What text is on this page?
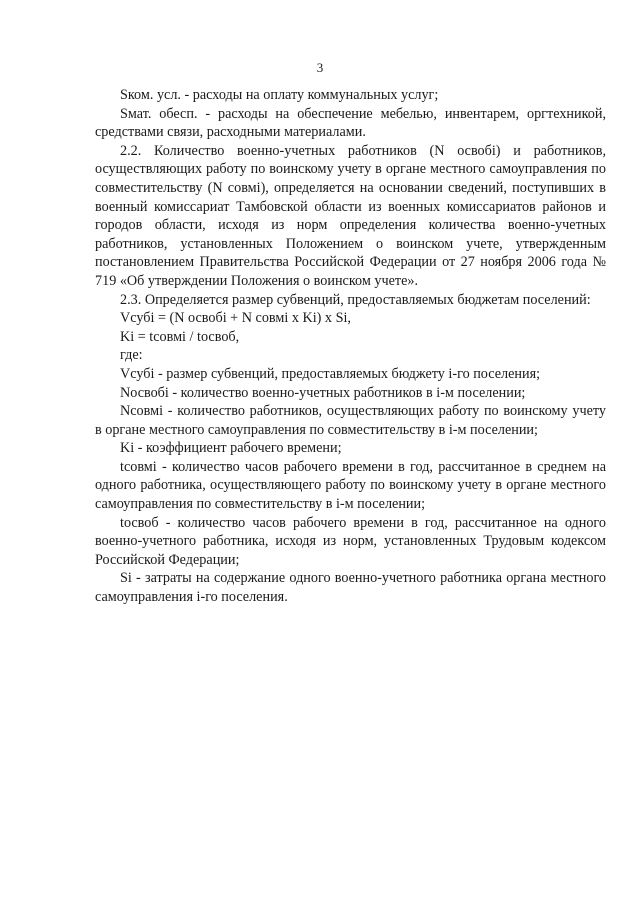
3

Sком. усл. - расходы на оплату коммунальных услуг;

Sмат. обесп. - расходы на обеспечение мебелью, инвентарем, оргтехникой, средствами связи, расходными материалами.

2.2. Количество военно-учетных работников (N освобi) и работников, осуществляющих работу по воинскому учету в органе местного самоуправления по совместительству (N совмi), определяется на основании сведений, поступивших в военный комиссариат Тамбовской области из военных комиссариатов районов и городов области, исходя из норм определения количества военно-учетных работников, установленных Положением о воинском учете, утвержденным постановлением Правительства Российской Федерации от 27 ноября 2006 года № 719 «Об утверждении Положения о воинском учете».

2.3. Определяется размер субвенций, предоставляемых бюджетам поселений:

Vсубi = (N освобi + N совмi x Ki) x Si,

Ki = tсовмi / tосвоб,

где:

Vсубi - размер субвенций, предоставляемых бюджету i-го поселения;

Nосвобi - количество военно-учетных работников в i-м поселении;

Nсовмi - количество работников, осуществляющих работу по воинскому учету в органе местного самоуправления по совместительству в i-м поселении;

Ki - коэффициент рабочего времени;

tсовмi - количество часов рабочего времени в год, рассчитанное в среднем на одного работника, осуществляющего работу по воинскому учету в органе местного самоуправления по совместительству в i-м поселении;

tосвоб - количество часов рабочего времени в год, рассчитанное на одного военно-учетного работника, исходя из норм, установленных Трудовым кодексом Российской Федерации;

Si - затраты на содержание одного военно-учетного работника органа местного самоуправления i-го поселения.
